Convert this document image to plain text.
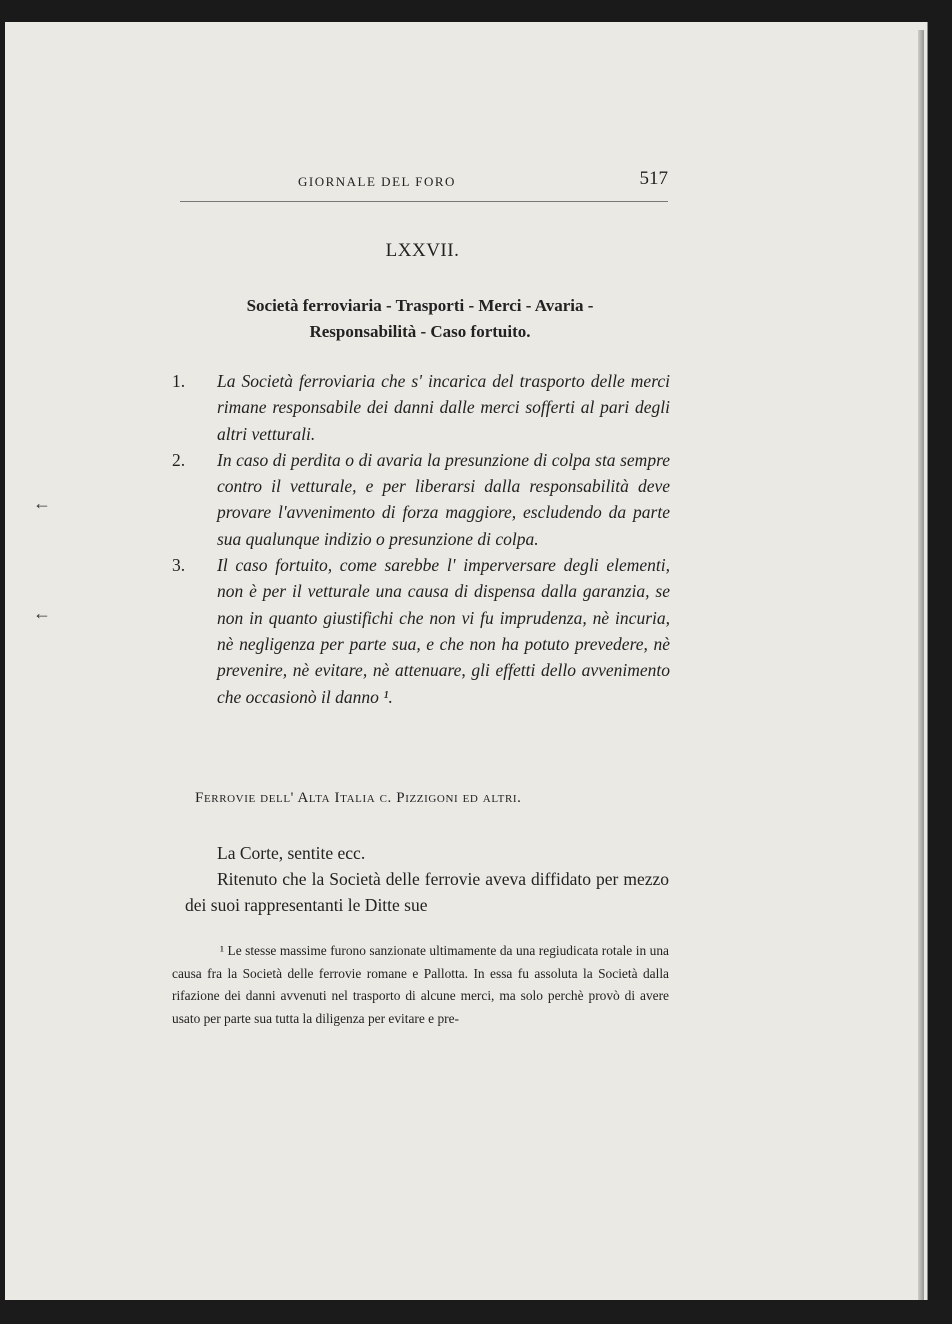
GIORNALE DEL FORO	517
LXXVII.
Società ferroviaria - Trasporti - Merci - Avaria -
Responsabilità - Caso fortuito.
1. La Società ferroviaria che s' incarica del trasporto delle merci rimane responsabile dei danni dalle merci sofferti al pari degli altri vetturali.
2. In caso di perdita o di avaria la presunzione di colpa sta sempre contro il vetturale, e per liberarsi dalla responsabilità deve provare l'avvenimento di forza maggiore, escludendo da parte sua qualunque indizio o presunzione di colpa.
3. Il caso fortuito, come sarebbe l' imperversare degli elementi, non è per il vetturale una causa di dispensa dalla garanzia, se non in quanto giustifichi che non vi fu imprudenza, nè incuria, nè negligenza per parte sua, e che non ha potuto prevedere, nè prevenire, nè evitare, nè attenuare, gli effetti dello avvenimento che occasionò il danno ¹.
Ferrovie dell' Alta Italia c. Pizzigoni ed altri.

La Corte, sentite ecc.

Ritenuto che la Società delle ferrovie aveva diffidato per mezzo dei suoi rappresentanti le Ditte sue

¹ Le stesse massime furono sanzionate ultimamente da una regiudicata rotale in una causa fra la Società delle ferrovie romane e Pallotta. In essa fu assoluta la Società dalla rifazione dei danni avvenuti nel trasporto di alcune merci, ma solo perchè provò di avere usato per parte sua tutta la diligenza per evitare e pre-

←
←
